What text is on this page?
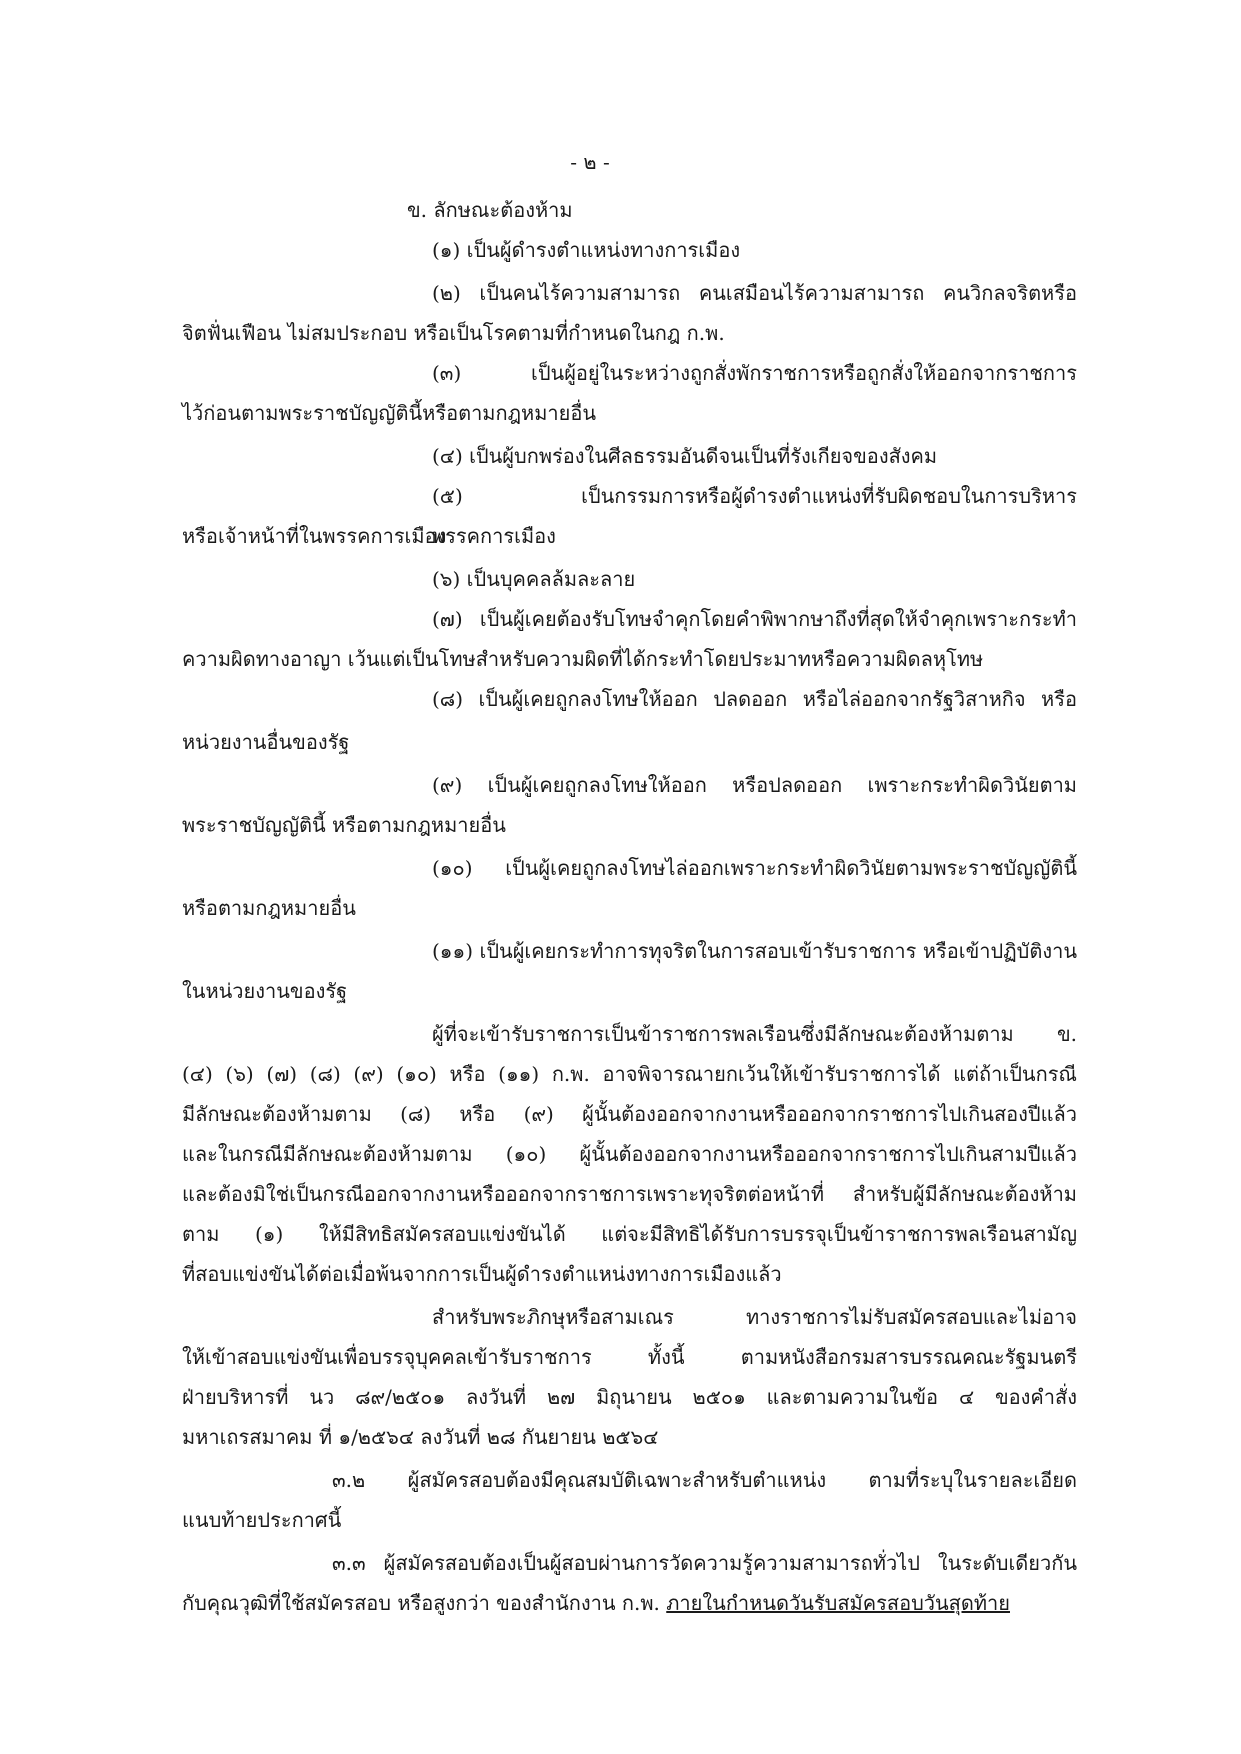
- ๒ -
ข. ลักษณะต้องห้าม
(๑) เป็นผู้ดำรงตำแหน่งทางการเมือง
(๒) เป็นคนไร้ความสามารถ คนเสมือนไร้ความสามารถ คนวิกลจริตหรือ
จิตฟั่นเฟือน ไม่สมประกอบ หรือเป็นโรคตามที่กำหนดในกฎ ก.พ.
(๓) เป็นผู้อยู่ในระหว่างถูกสั่งพักราชการหรือถูกสั่งให้ออกจากราชการ
ไว้ก่อนตามพระราชบัญญัตินี้หรือตามกฎหมายอื่น
(๔) เป็นผู้บกพร่องในศีลธรรมอันดีจนเป็นที่รังเกียจของสังคม
(๕) เป็นกรรมการหรือผู้ดำรงตำแหน่งที่รับผิดชอบในการบริหารพรรคการเมือง
หรือเจ้าหน้าที่ในพรรคการเมือง
(๖) เป็นบุคคลล้มละลาย
(๗) เป็นผู้เคยต้องรับโทษจำคุกโดยคำพิพากษาถึงที่สุดให้จำคุกเพราะกระทำ
ความผิดทางอาญา เว้นแต่เป็นโทษสำหรับความผิดที่ได้กระทำโดยประมาทหรือความผิดลหุโทษ
(๘) เป็นผู้เคยถูกลงโทษให้ออก ปลดออก หรือไล่ออกจากรัฐวิสาหกิจ หรือ
หน่วยงานอื่นของรัฐ
(๙) เป็นผู้เคยถูกลงโทษให้ออก หรือปลดออก เพราะกระทำผิดวินัยตาม
พระราชบัญญัตินี้ หรือตามกฎหมายอื่น
(๑๐) เป็นผู้เคยถูกลงโทษไล่ออกเพราะกระทำผิดวินัยตามพระราชบัญญัตินี้
หรือตามกฎหมายอื่น
(๑๑) เป็นผู้เคยกระทำการทุจริตในการสอบเข้ารับราชการ หรือเข้าปฏิบัติงาน
ในหน่วยงานของรัฐ
ผู้ที่จะเข้ารับราชการเป็นข้าราชการพลเรือนซึ่งมีลักษณะต้องห้ามตาม ข.
(๔) (๖) (๗) (๘) (๙) (๑๐) หรือ (๑๑) ก.พ. อาจพิจารณายกเว้นให้เข้ารับราชการได้ แต่ถ้าเป็นกรณี
มีลักษณะต้องห้ามตาม (๘) หรือ (๙) ผู้นั้นต้องออกจากงานหรือออกจากราชการไปเกินสองปีแล้ว
และในกรณีมีลักษณะต้องห้ามตาม (๑๐) ผู้นั้นต้องออกจากงานหรือออกจากราชการไปเกินสามปีแล้ว
และต้องมิใช่เป็นกรณีออกจากงานหรือออกจากราชการเพราะทุจริตต่อหน้าที่ สำหรับผู้มีลักษณะต้องห้าม
ตาม (๑) ให้มีสิทธิสมัครสอบแข่งขันได้ แต่จะมีสิทธิได้รับการบรรจุเป็นข้าราชการพลเรือนสามัญ
ที่สอบแข่งขันได้ต่อเมื่อพ้นจากการเป็นผู้ดำรงตำแหน่งทางการเมืองแล้ว
สำหรับพระภิกษุหรือสามเณร ทางราชการไม่รับสมัครสอบและไม่อาจ
ให้เข้าสอบแข่งขันเพื่อบรรจุบุคคลเข้ารับราชการ ทั้งนี้ ตามหนังสือกรมสารบรรณคณะรัฐมนตรี
ฝ่ายบริหารที่ นว ๘๙/๒๕๐๑ ลงวันที่ ๒๗ มิถุนายน ๒๕๐๑ และตามความในข้อ ๔ ของคำสั่ง
มหาเถรสมาคม ที่ ๑/๒๕๖๔ ลงวันที่ ๒๘ กันยายน ๒๕๖๔
๓.๒ ผู้สมัครสอบต้องมีคุณสมบัติเฉพาะสำหรับตำแหน่ง ตามที่ระบุในรายละเอียด
แนบท้ายประกาศนี้
๓.๓ ผู้สมัครสอบต้องเป็นผู้สอบผ่านการวัดความรู้ความสามารถทั่วไป ในระดับเดียวกัน
กับคุณวุฒิที่ใช้สมัครสอบ หรือสูงกว่า ของสำนักงาน ก.พ. ภายในกำหนดวันรับสมัครสอบวันสุดท้าย
